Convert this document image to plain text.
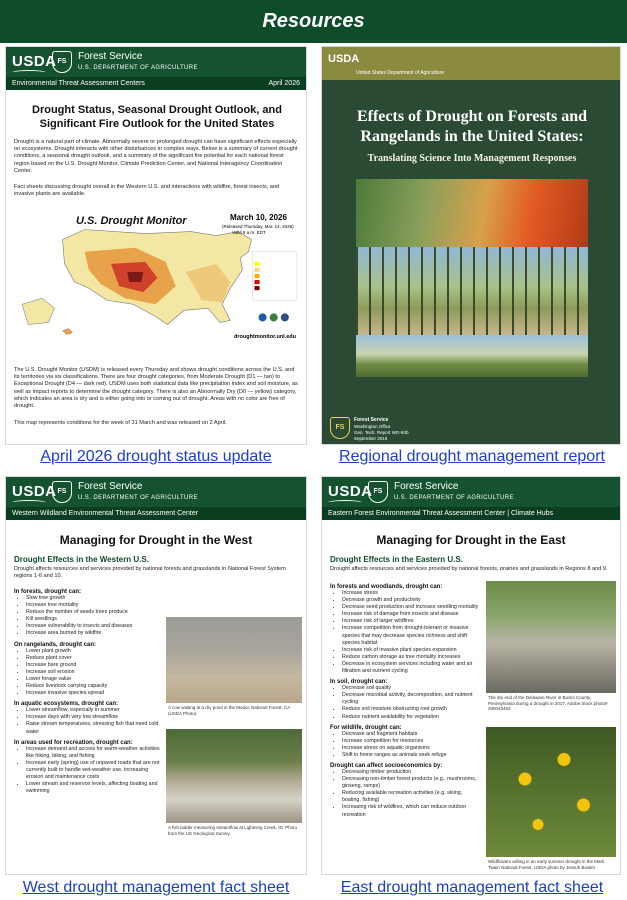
Resources
USDA FS	Forest Service
U.S. DEPARTMENT OF AGRICULTURE
Environmental Threat Assessment Centers	April 2026
Drought Status, Seasonal Drought Outlook, and Significant Fire Outlook for the United States
Drought is a natural part of climate. Abnormally severe or prolonged drought can have significant effects especially on ecosystems. Drought interacts with other disturbances in complex ways. Below is a summary of current drought conditions, a seasonal drought outlook, and a summary of the significant fire potential for each national forest region based on the U.S. Drought Monitor, Climate Prediction Center, and National Interagency Coordination Center.
Fact sheets discussing drought overall in the Western U.S. and interactions with wildfire, forest insects, and invasive plants are available.
U.S. Drought Monitor	March 10, 2026
(Released Thursday, Mar. 12, 2026)
Valid 8 a.m. EDT
droughtmonitor.unl.edu
The U.S. Drought Monitor (USDM) is released every Thursday and shows drought conditions across the U.S. and its territories via six classifications. There are four drought categories, from Moderate Drought (D1 — tan) to Exceptional Drought (D4 — dark red). USDM uses both statistical data like precipitation index and soil moisture, as well as impact reports to determine the drought category. There is also an Abnormally Dry (D0 — yellow) category, which indicates an area is dry and is either going into or coming out of drought. Areas with no color are free of drought.
This map represents conditions for the week of 31 March and was released on 2 April.
April 2026 drought status update
USDA
United States Department of Agriculture
Effects of Drought on Forests and Rangelands in the United States:
Translating Science Into Management Responses
FS
Forest Service
Washington Office
Gen. Tech. Report WO-93b
September 2016
Regional drought management report
USDA FS	Forest Service
U.S. DEPARTMENT OF AGRICULTURE
Western Wildland Environmental Threat Assessment Center
Managing for Drought in the West
Drought Effects in the Western U.S.
Drought affects resources and services provided by national forests and grasslands in National Forest System regions 1-6 and 10.
In forests, drought can:
• Slow tree growth
• Increase tree mortality
• Reduce the number of seeds trees produce
• Kill seedlings
• Increase vulnerability to insects and diseases
• Increase area burned by wildfire
On rangelands, drought can:
• Lower plant growth
• Reduce plant cover
• Increase bare ground
• Increase soil erosion
• Lower forage value
• Reduce livestock carrying capacity
• Increase invasive species spread
In aquatic ecosystems, drought can:
• Lower streamflow, especially in summer
• Increase days with very low streamflow
• Raise stream temperatures, stressing fish that need cold water
In areas used for recreation, drought can:
• Increase demand and access for warm-weather activities like hiking, biking, and fishing
• Increase early (spring) use of unpaved roads that are not currently built to handle wet-weather use, increasing erosion and maintenance costs
• Lower stream and reservoir levels, affecting boating and swimming
A cow waiting at a dry pond in the Modoc National Forest, CA (USDA Photo).
A fish ladder measuring streamflow at Lightning Creek, ID. Photo from the US Geological Survey.
West drought management fact sheet
USDA FS	Forest Service
U.S. DEPARTMENT OF AGRICULTURE
Eastern Forest Environmental Threat Assessment Center | Climate Hubs
Managing for Drought in the East
Drought Effects in the Eastern U.S.
Drought affects resources and services provided by national forests, prairies and grasslands in Regions 8 and 9.
In forests and woodlands, drought can:
• Increase stress
• Decrease growth and productivity
• Decrease seed production and increase seedling mortality
• Increase risk of damage from insects and disease
• Increase risk of larger wildfires
• Increase competition from drought-tolerant or invasive species that may decrease species richness and shift species habitat
• Increase risk of invasive plant species expansion
• Reduce carbon storage as tree mortality increases
• Decrease in ecosystem services including water and air filtration and nutrient cycling
In soil, drought can:
• Decrease soil quality
• Decrease microbial activity, decomposition, and nutrient cycling
• Reduce soil moisture obstructing root growth
• Reduce nutrient availability for vegetation
For wildlife, drought can:
• Decrease and fragment habitats
• Increase competition for resources
• Increase stress on aquatic organisms
• Shift in home ranges as animals seek refuge
Drought can affect socioeconomics by:
• Decreasing timber production
• Decreasing non-timber forest products (e.g., mushrooms, ginseng, ramps)
• Reducing available recreation activities (e.g. skiing, boating, fishing)
• Increasing risk of wildfires, which can reduce outdoor recreation
The dry end of the Delaware River in Bucks County, Pennsylvania during a drought in 2017. Adobe Stock photo# 280043462
Wildflowers wilting in an early summer drought in the Mark Twain National Forest. USDA photo by Jessuh Bowler
East drought management fact sheet
